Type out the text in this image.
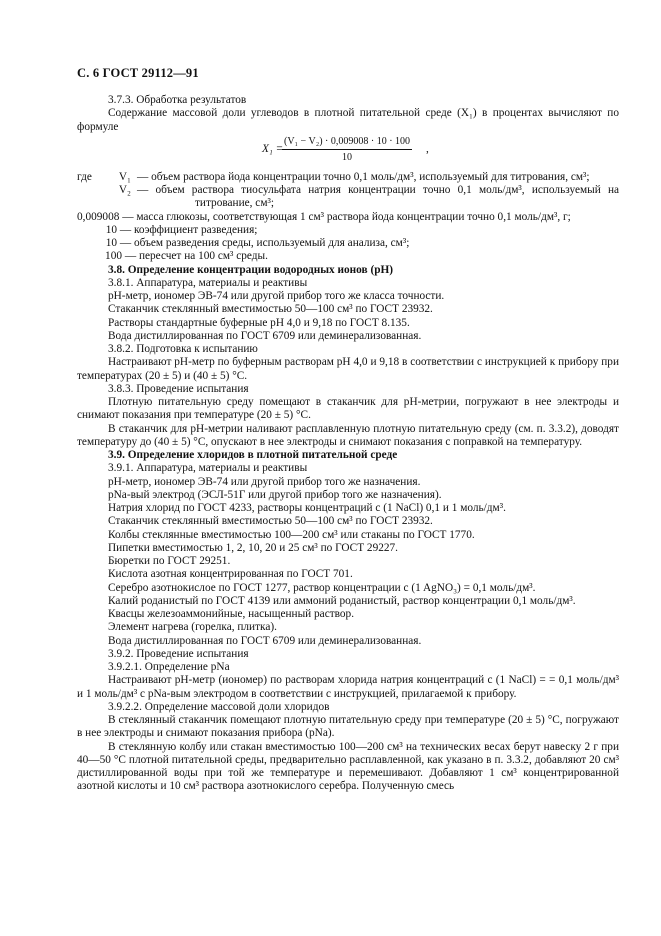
С. 6 ГОСТ 29112—91

3.7.3. Обработка результатов

Содержание массовой доли углеводов в плотной питательной среде (X₁) в процентах вычисляют по формуле

X₁ =
$\frac{\text{(V₁ − V₂) · 0,009008 · 10 · 100}}{10}$ ,
где	V₁ — объем раствора йода концентрации точно 0,1 моль/дм³, используемый для титрования, см³;

V₂ — объем раствора тиосульфата натрия концентрации точно 0,1 моль/дм³, используемый на титрование, см³;

0,009008 — масса глюкозы, соответствующая 1 см³ раствора йода концентрации точно 0,1 моль/дм³, г;

10 — коэффициент разведения;

10 — объем разведения среды, используемый для анализа, см³;

100 — пересчет на 100 см³ среды.

3.8. Определение концентрации водородных ионов (pH)

3.8.1. Аппаратура, материалы и реактивы

pH-метр, иономер ЭВ-74 или другой прибор того же класса точности.

Стаканчик стеклянный вместимостью 50—100 см³ по ГОСТ 23932.

Растворы стандартные буферные pH 4,0 и 9,18 по ГОСТ 8.135.

Вода дистиллированная по ГОСТ 6709 или деминерализованная.

3.8.2. Подготовка к испытанию

Настраивают pH-метр по буферным растворам pH 4,0 и 9,18 в соответствии с инструкцией к прибору при температурах (20 ± 5) и (40 ± 5) °С.

3.8.3. Проведение испытания

Плотную питательную среду помещают в стаканчик для pH-метрии, погружают в нее электроды и снимают показания при температуре (20 ± 5) °С.

В стаканчик для pH-метрии наливают расплавленную плотную питательную среду (см. п. 3.3.2), доводят температуру до (40 ± 5) °С, опускают в нее электроды и снимают показания с поправкой на температуру.

3.9. Определение хлоридов в плотной питательной среде

3.9.1. Аппаратура, материалы и реактивы

pH-метр, иономер ЭВ-74 или другой прибор того же назначения.

pNa-вый электрод (ЭСЛ-51Г или другой прибор того же назначения).

Натрия хлорид по ГОСТ 4233, растворы концентраций c (1 NaCl) 0,1 и 1 моль/дм³.

Стаканчик стеклянный вместимостью 50—100 см³ по ГОСТ 23932.

Колбы стеклянные вместимостью 100—200 см³ или стаканы по ГОСТ 1770.

Пипетки вместимостью 1, 2, 10, 20 и 25 см³ по ГОСТ 29227.

Бюретки по ГОСТ 29251.

Кислота азотная концентрированная по ГОСТ 701.

Серебро азотнокислое по ГОСТ 1277, раствор концентрации c (1 AgNO₃) = 0,1 моль/дм³.

Калий роданистый по ГОСТ 4139 или аммоний роданистый, раствор концентрации 0,1 моль/дм³.

Квасцы железоаммонийные, насыщенный раствор.

Элемент нагрева (горелка, плитка).

Вода дистиллированная по ГОСТ 6709 или деминерализованная.

3.9.2. Проведение испытания

3.9.2.1. Определение pNa

Настраивают pH-метр (иономер) по растворам хлорида натрия концентраций c (1 NaCl) = = 0,1 моль/дм³ и 1 моль/дм³ с pNa-вым электродом в соответствии с инструкцией, прилагаемой к прибору.

3.9.2.2. Определение массовой доли хлоридов

В стеклянный стаканчик помещают плотную питательную среду при температуре (20 ± 5) °С, погружают в нее электроды и снимают показания прибора (pNa).

В стеклянную колбу или стакан вместимостью 100—200 см³ на технических весах берут навеску 2 г при 40—50 °С плотной питательной среды, предварительно расплавленной, как указано в п. 3.3.2, добавляют 20 см³ дистиллированной воды при той же температуре и перемешивают. Добавляют 1 см³ концентрированной азотной кислоты и 10 см³ раствора азотнокислого серебра. Полученную смесь
